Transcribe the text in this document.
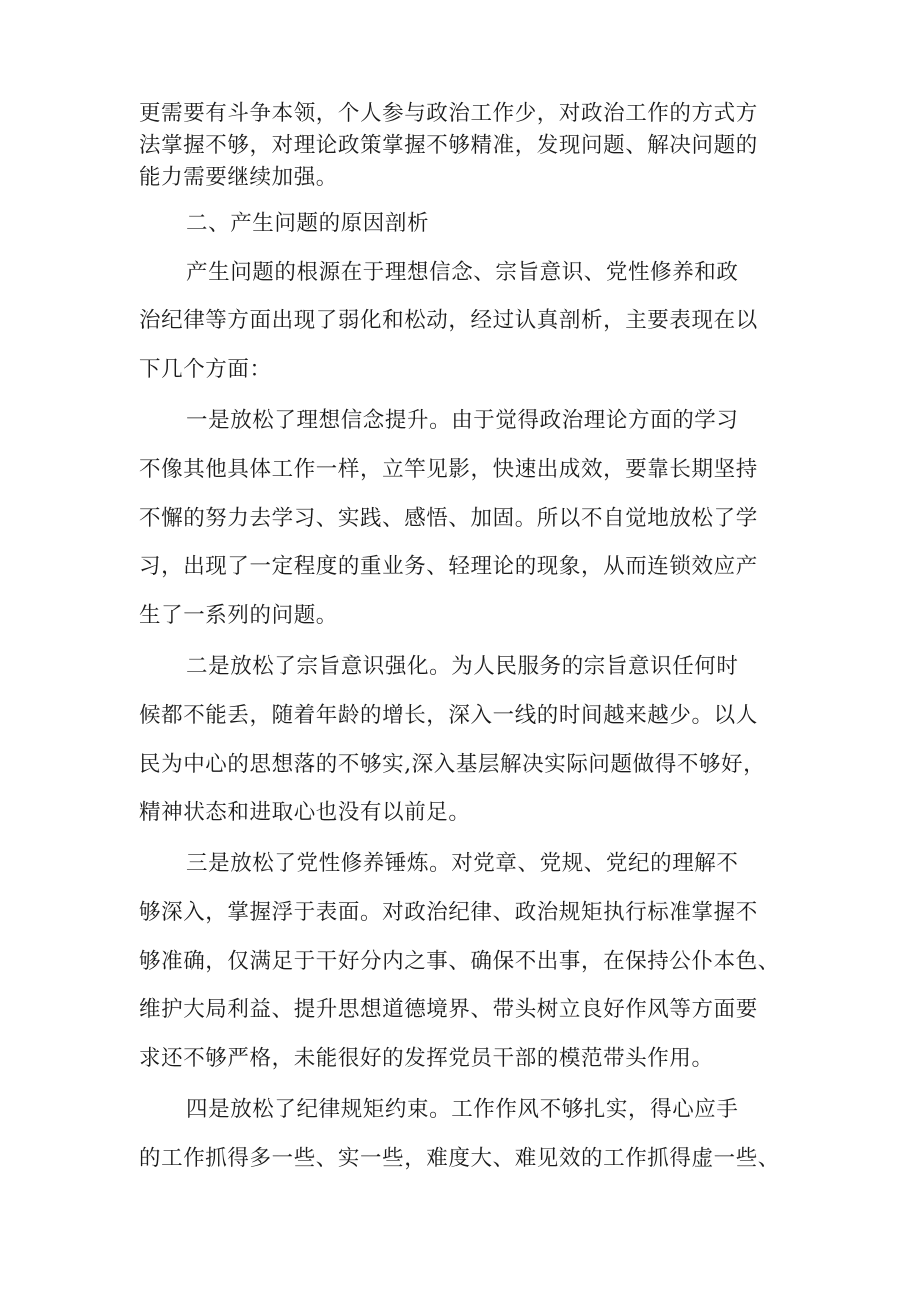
更需要有斗争本领，个人参与政治工作少，对政治工作的方式方
法掌握不够，对理论政策掌握不够精准，发现问题、解决问题的
能力需要继续加强。
二、产生问题的原因剖析
产生问题的根源在于理想信念、宗旨意识、党性修养和政
治纪律等方面出现了弱化和松动，经过认真剖析，主要表现在以
下几个方面：
一是放松了理想信念提升。由于觉得政治理论方面的学习
不像其他具体工作一样，立竿见影，快速出成效，要靠长期坚持
不懈的努力去学习、实践、感悟、加固。所以不自觉地放松了学
习，出现了一定程度的重业务、轻理论的现象，从而连锁效应产
生了一系列的问题。
二是放松了宗旨意识强化。为人民服务的宗旨意识任何时
候都不能丢，随着年龄的增长，深入一线的时间越来越少。以人
民为中心的思想落的不够实,深入基层解决实际问题做得不够好，
精神状态和进取心也没有以前足。
三是放松了党性修养锤炼。对党章、党规、党纪的理解不
够深入，掌握浮于表面。对政治纪律、政治规矩执行标准掌握不
够准确，仅满足于干好分内之事、确保不出事，在保持公仆本色、
维护大局利益、提升思想道德境界、带头树立良好作风等方面要
求还不够严格，未能很好的发挥党员干部的模范带头作用。
四是放松了纪律规矩约束。工作作风不够扎实，得心应手
的工作抓得多一些、实一些，难度大、难见效的工作抓得虚一些、
